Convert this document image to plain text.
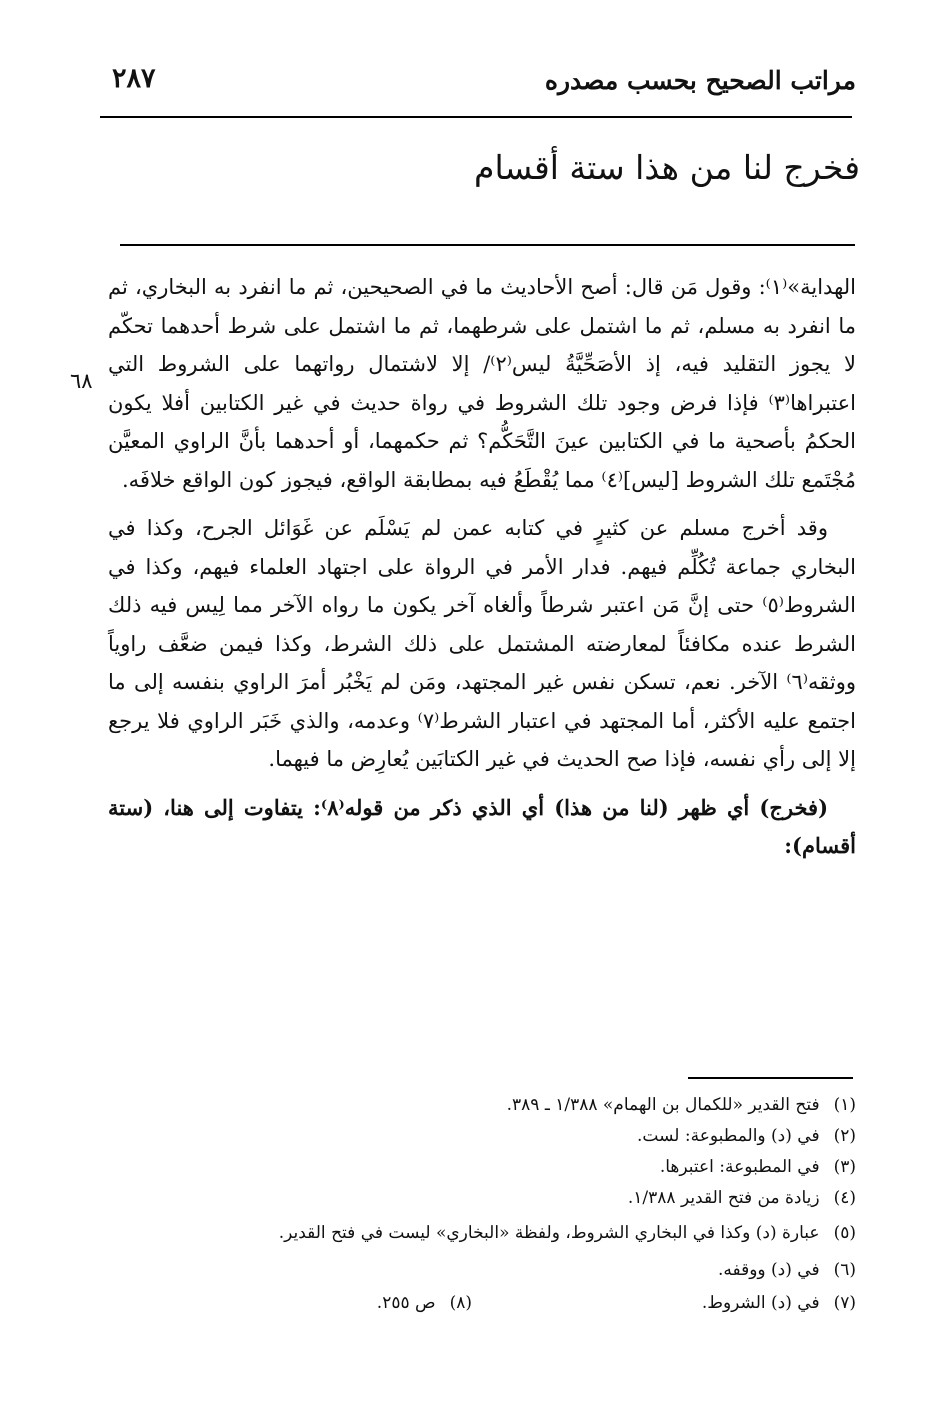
مراتب الصحيح بحسب مصدره
٢٨٧
فخرج لنا من هذا ستة أقسام
٦٨

الهداية»⁽١⁾: وقول مَن قال: أصح الأحاديث ما في الصحيحين، ثم ما انفرد به البخاري، ثم ما انفرد به مسلم، ثم ما اشتمل على شرطهما، ثم ما اشتمل على شرط أحدهما تحكّم لا يجوز التقليد فيه، إذ الأصَحِّيَّةُ ليس⁽٢⁾/ إلا لاشتمال رواتهما على الشروط التي اعتبراها⁽٣⁾ فإذا فرض وجود تلك الشروط في رواة حديث في غير الكتابين أفلا يكون الحكمُ بأصحية ما في الكتابين عينَ التَّحَكُّم؟ ثم حكمهما، أو أحدهما بأنَّ الراوي المعيَّن مُجْتَمع تلك الشروط [ليس]⁽٤⁾ مما يُقْطَعُ فيه بمطابقة الواقع، فيجوز كون الواقع خلافَه.

وقد أخرج مسلم عن كثيرٍ في كتابه عمن لم يَسْلَم عن غَوَائل الجرح، وكذا في البخاري جماعة تُكُلِّم فيهم. فدار الأمر في الرواة على اجتهاد العلماء فيهم، وكذا في الشروط⁽٥⁾ حتى إنَّ مَن اعتبر شرطاً وألغاه آخر يكون ما رواه الآخر مما لِيس فيه ذلك الشرط عنده مكافئاً لمعارضته المشتمل على ذلك الشرط، وكذا فيمن ضعَّف راوياً ووثقه⁽٦⁾ الآخر. نعم، تسكن نفس غير المجتهد، ومَن لم يَخْبُر أمرَ الراوي بنفسه إلى ما اجتمع عليه الأكثر، أما المجتهد في اعتبار الشرط⁽٧⁾ وعدمه، والذي خَبَر الراوي فلا يرجع إلا إلى رأي نفسه، فإذا صح الحديث في غير الكتابَين يُعارِض ما فيهما.

(فخرج) أي ظهر (لنا من هذا) أي الذي ذكر من قوله⁽٨⁾: يتفاوت إلى هنا، (ستة أقسام):

(١)فتح القدير «للكمال بن الهمام» ١/٣٨٨ ـ ٣٨٩.
(٢)في (د) والمطبوعة: لست.
(٣)في المطبوعة: اعتبرها.
(٤)زيادة من فتح القدير ١/٣٨٨.
(٥)عبارة (د) وكذا في البخاري الشروط، ولفظة «البخاري» ليست في فتح القدير.
(٦)في (د) ووقفه.
(٧)في (د) الشروط.
(٨)ص ٢٥٥.
